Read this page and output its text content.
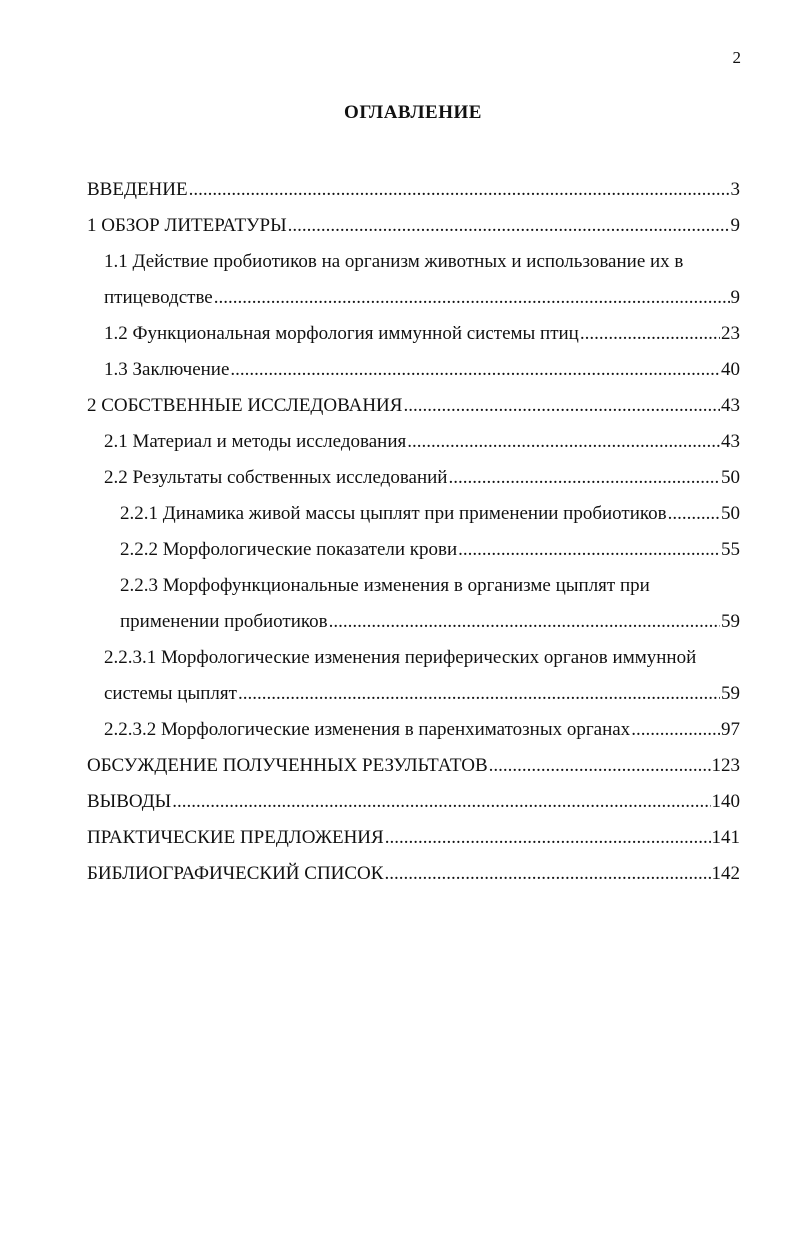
2
ОГЛАВЛЕНИЕ
ВВЕДЕНИЕ .....	3
1 ОБЗОР ЛИТЕРАТУРЫ .....	9
1.1 Действие пробиотиков на организм животных и использование их в
птицеводстве .....	9
1.2 Функциональная морфология иммунной системы птиц .....	23
1.3 Заключение .....	40
2 СОБСТВЕННЫЕ ИССЛЕДОВАНИЯ .....	43
2.1 Материал и методы исследования .....	43
2.2 Результаты собственных исследований .....	50
2.2.1 Динамика живой массы цыплят при применении пробиотиков .....	50
2.2.2 Морфологические показатели крови .....	55
2.2.3 Морфофункциональные изменения в организме цыплят при
применении пробиотиков .....	59
2.2.3.1 Морфологические изменения периферических органов иммунной
системы цыплят .....	59
2.2.3.2 Морфологические изменения в паренхиматозных органах .....	97
ОБСУЖДЕНИЕ ПОЛУЧЕННЫХ РЕЗУЛЬТАТОВ .....	123
ВЫВОДЫ .....	140
ПРАКТИЧЕСКИЕ ПРЕДЛОЖЕНИЯ .....	141
БИБЛИОГРАФИЧЕСКИЙ СПИСОК .....	142
